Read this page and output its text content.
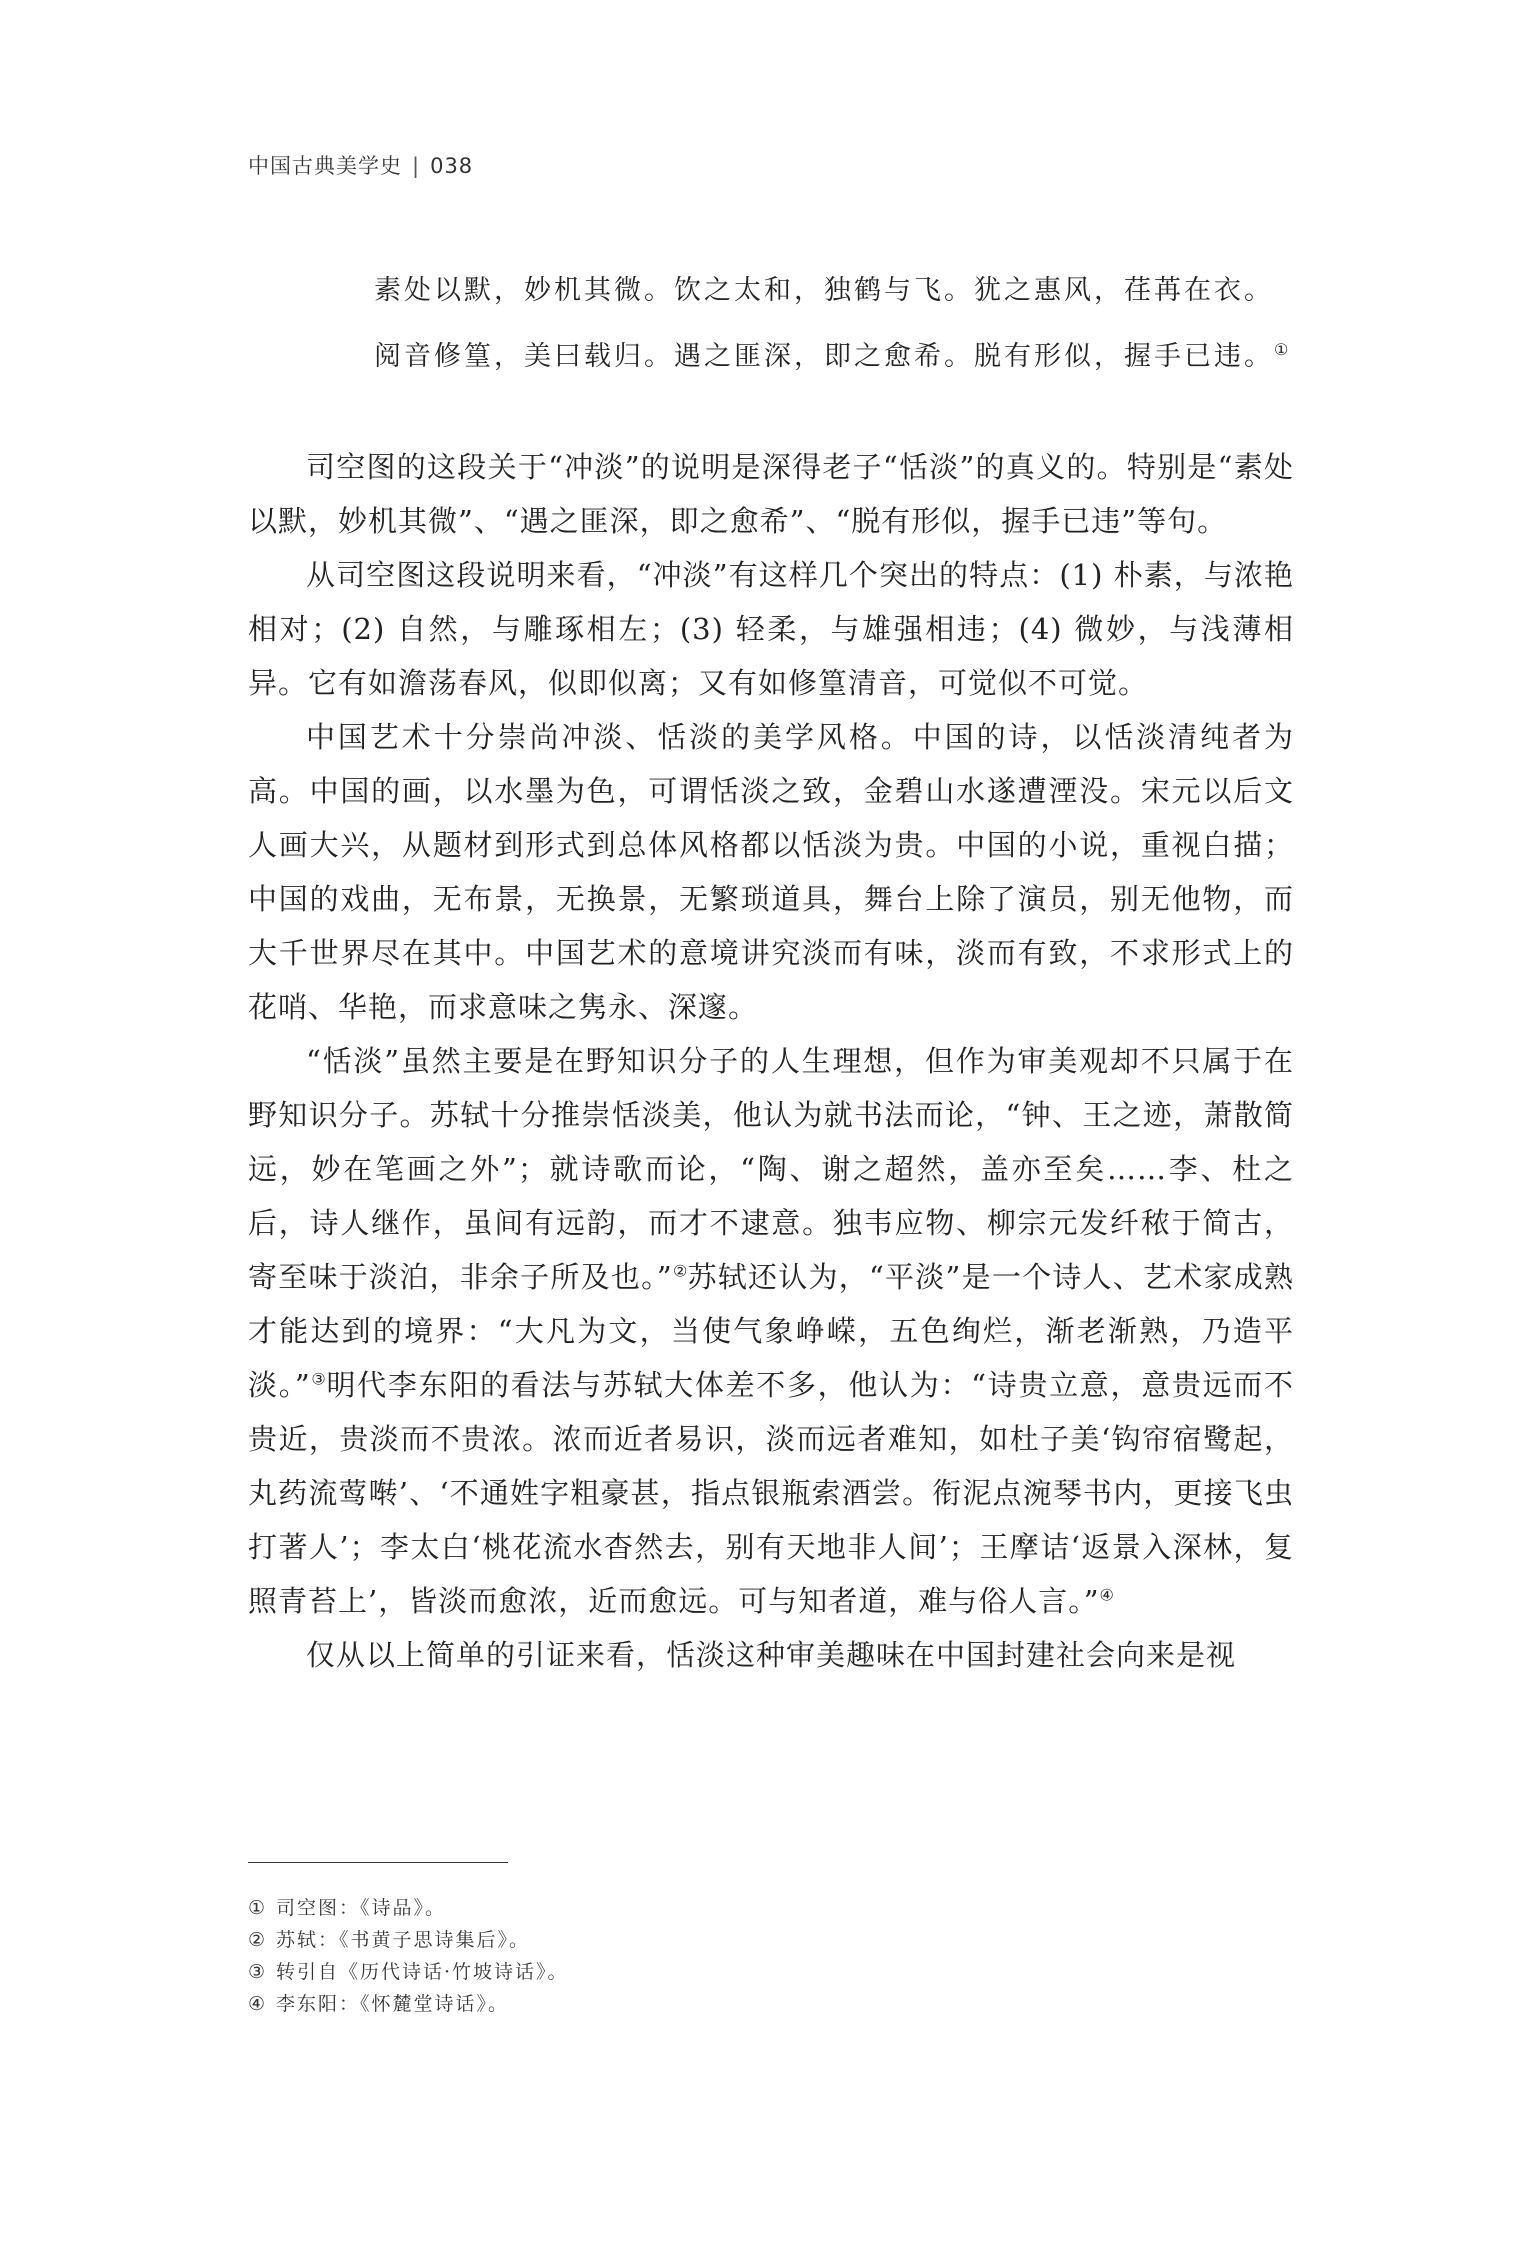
中国古典美学史 | 038

素处以默，妙机其微。饮之太和，独鹤与飞。犹之惠风，荏苒在衣。

阅音修篁，美曰载归。遇之匪深，即之愈希。脱有形似，握手已违。①

司空图的这段关于“冲淡”的说明是深得老子“恬淡”的真义的。特别是“素处以默，妙机其微”、“遇之匪深，即之愈希”、“脱有形似，握手已违”等句。

从司空图这段说明来看，“冲淡”有这样几个突出的特点：(1) 朴素，与浓艳相对；(2) 自然，与雕琢相左；(3) 轻柔，与雄强相违；(4) 微妙，与浅薄相异。它有如澹荡春风，似即似离；又有如修篁清音，可觉似不可觉。

中国艺术十分崇尚冲淡、恬淡的美学风格。中国的诗，以恬淡清纯者为高。中国的画，以水墨为色，可谓恬淡之致，金碧山水遂遭湮没。宋元以后文人画大兴，从题材到形式到总体风格都以恬淡为贵。中国的小说，重视白描；中国的戏曲，无布景，无换景，无繁琐道具，舞台上除了演员，别无他物，而大千世界尽在其中。中国艺术的意境讲究淡而有味，淡而有致，不求形式上的花哨、华艳，而求意味之隽永、深邃。

“恬淡”虽然主要是在野知识分子的人生理想，但作为审美观却不只属于在野知识分子。苏轼十分推崇恬淡美，他认为就书法而论，“钟、王之迹，萧散简远，妙在笔画之外”；就诗歌而论，“陶、谢之超然，盖亦至矣……李、杜之后，诗人继作，虽间有远韵，而才不逮意。独韦应物、柳宗元发纤秾于简古，寄至味于淡泊，非余子所及也。”②苏轼还认为，“平淡”是一个诗人、艺术家成熟才能达到的境界：“大凡为文，当使气象峥嵘，五色绚烂，渐老渐熟，乃造平淡。”③明代李东阳的看法与苏轼大体差不多，他认为：“诗贵立意，意贵远而不贵近，贵淡而不贵浓。浓而近者易识，淡而远者难知，如杜子美‘钩帘宿鹭起，丸药流莺啭’、‘不通姓字粗豪甚，指点银瓶索酒尝。衔泥点涴琴书内，更接飞虫打著人’；李太白‘桃花流水杳然去，别有天地非人间’；王摩诘‘返景入深林，复照青苔上’，皆淡而愈浓，近而愈远。可与知者道，难与俗人言。”④

仅从以上简单的引证来看，恬淡这种审美趣味在中国封建社会向来是视

① 司空图：《诗品》。
② 苏轼：《书黄子思诗集后》。
③ 转引自《历代诗话·竹坡诗话》。
④ 李东阳：《怀麓堂诗话》。
